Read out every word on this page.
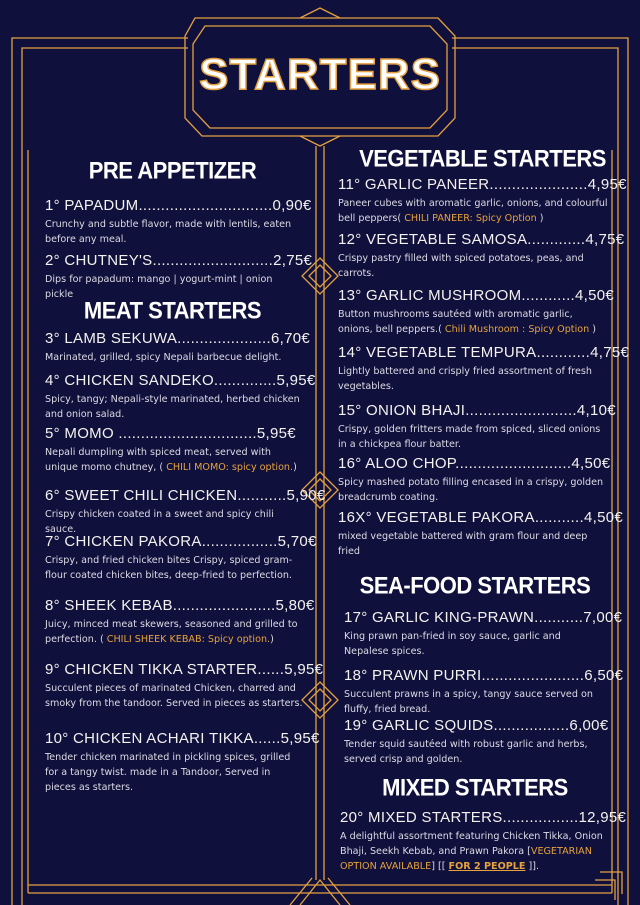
STARTERS
PRE APPETIZER
1° PAPADUM..............................0,90€
Crunchy and subtle flavor, made with lentils, eaten before any meal.
2° CHUTNEY'S...........................2,75€
Dips for papadum: mango | yogurt-mint | onion pickle
MEAT STARTERS
3° LAMB SEKUWA.....................6,70€
Marinated, grilled, spicy Nepali barbecue delight.
4° CHICKEN SANDEKO..............5,95€
Spicy, tangy; Nepali-style marinated, herbed chicken and onion salad.
5° MOMO ...............................5,95€
Nepali dumpling with spiced meat, served with unique momo chutney, ( CHILI MOMO: spicy option.)
6° SWEET CHILI CHICKEN...........5,90€
Crispy chicken coated in a sweet and spicy chili sauce.
7° CHICKEN PAKORA.................5,70€
Crispy, and fried chicken bites Crispy, spiced gram-flour coated chicken bites, deep-fried to perfection.
8° SHEEK KEBAB.......................5,80€
Juicy, minced meat skewers, seasoned and grilled to perfection. ( CHILI SHEEK KEBAB: Spicy option.)
9° CHICKEN TIKKA STARTER......5,95€
Succulent pieces of marinated Chicken, charred and smoky from the tandoor. Served in pieces as starters.
10° CHICKEN ACHARI TIKKA......5,95€
Tender chicken marinated in pickling spices, grilled for a tangy twist. made in a Tandoor, Served in pieces as starters.
VEGETABLE STARTERS
11° GARLIC PANEER......................4,95€
Paneer cubes with aromatic garlic, onions, and colourful bell peppers( CHILI PANEER: Spicy Option )
12° VEGETABLE SAMOSA.............4,75€
Crispy pastry filled with spiced potatoes, peas, and carrots.
13° GARLIC MUSHROOM............4,50€
Button mushrooms sautéed with aromatic garlic, onions, bell peppers.( Chili Mushroom : Spicy Option )
14° VEGETABLE TEMPURA............4,75€
Lightly battered and crisply fried assortment of fresh vegetables.
15° ONION BHAJI.........................4,10€
Crispy, golden fritters made from spiced, sliced onions in a chickpea flour batter.
16° ALOO CHOP..........................4,50€
Spicy mashed potato filling encased in a crispy, golden breadcrumb coating.
16X° VEGETABLE PAKORA...........4,50€
mixed vegetable battered with gram flour and deep fried
SEA-FOOD STARTERS
17° GARLIC KING-PRAWN...........7,00€
King prawn pan-fried in soy sauce, garlic and Nepalese spices.
18° PRAWN PURRI.......................6,50€
Succulent prawns in a spicy, tangy sauce served on fluffy, fried bread.
19° GARLIC SQUIDS.................6,00€
Tender squid sautéed with robust garlic and herbs, served crisp and golden.
MIXED STARTERS
20° MIXED STARTERS.................12,95€
A delightful assortment featuring Chicken Tikka, Onion Bhaji, Seekh Kebab, and Prawn Pakora [VEGETARIAN OPTION AVAILABLE] [[ FOR 2 PEOPLE ]].
